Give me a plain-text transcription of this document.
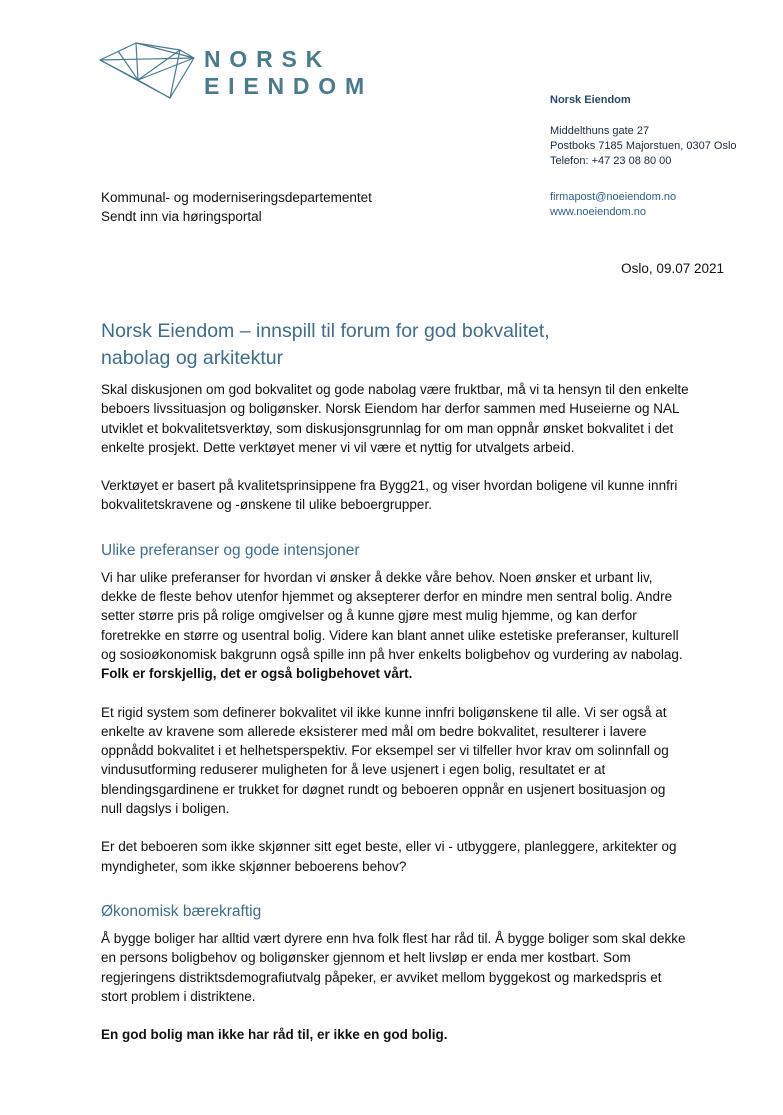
NORSK
EIENDOM
Norsk Eiendom
Middelthuns gate 27
Postboks 7185 Majorstuen, 0307 Oslo
Telefon: +47 23 08 80 00
firmapost@noeiendom.no
www.noeiendom.no
Kommunal- og moderniseringsdepartementet
Sendt inn via høringsportal
Oslo, 09.07 2021
Norsk Eiendom – innspill til forum for god bokvalitet,
nabolag og arkitektur

Skal diskusjonen om god bokvalitet og gode nabolag være fruktbar, må vi ta hensyn til den enkelte beboers livssituasjon og boligønsker. Norsk Eiendom har derfor sammen med Huseierne og NAL utviklet et bokvalitetsverktøy, som diskusjonsgrunnlag for om man oppnår ønsket bokvalitet i det enkelte prosjekt. Dette verktøyet mener vi vil være et nyttig for utvalgets arbeid.

Verktøyet er basert på kvalitetsprinsippene fra Bygg21, og viser hvordan boligene vil kunne innfri bokvalitetskravene og -ønskene til ulike beboergrupper.

Ulike preferanser og gode intensjoner

Vi har ulike preferanser for hvordan vi ønsker å dekke våre behov. Noen ønsker et urbant liv, dekke de fleste behov utenfor hjemmet og aksepterer derfor en mindre men sentral bolig. Andre setter større pris på rolige omgivelser og å kunne gjøre mest mulig hjemme, og kan derfor foretrekke en større og usentral bolig. Videre kan blant annet ulike estetiske preferanser, kulturell og sosioøkonomisk bakgrunn også spille inn på hver enkelts boligbehov og vurdering av nabolag. Folk er forskjellig, det er også boligbehovet vårt.

Et rigid system som definerer bokvalitet vil ikke kunne innfri boligønskene til alle. Vi ser også at enkelte av kravene som allerede eksisterer med mål om bedre bokvalitet, resulterer i lavere oppnådd bokvalitet i et helhetsperspektiv. For eksempel ser vi tilfeller hvor krav om solinnfall og vindusutforming reduserer muligheten for å leve usjenert i egen bolig, resultatet er at blendingsgardinene er trukket for døgnet rundt og beboeren oppnår en usjenert bosituasjon og null dagslys i boligen.

Er det beboeren som ikke skjønner sitt eget beste, eller vi - utbyggere, planleggere, arkitekter og myndigheter, som ikke skjønner beboerens behov?

Økonomisk bærekraftig

Å bygge boliger har alltid vært dyrere enn hva folk flest har råd til. Å bygge boliger som skal dekke en persons boligbehov og boligønsker gjennom et helt livsløp er enda mer kostbart. Som regjeringens distriktsdemografiutvalg påpeker, er avviket mellom byggekost og markedspris et stort problem i distriktene.

En god bolig man ikke har råd til, er ikke en god bolig.
